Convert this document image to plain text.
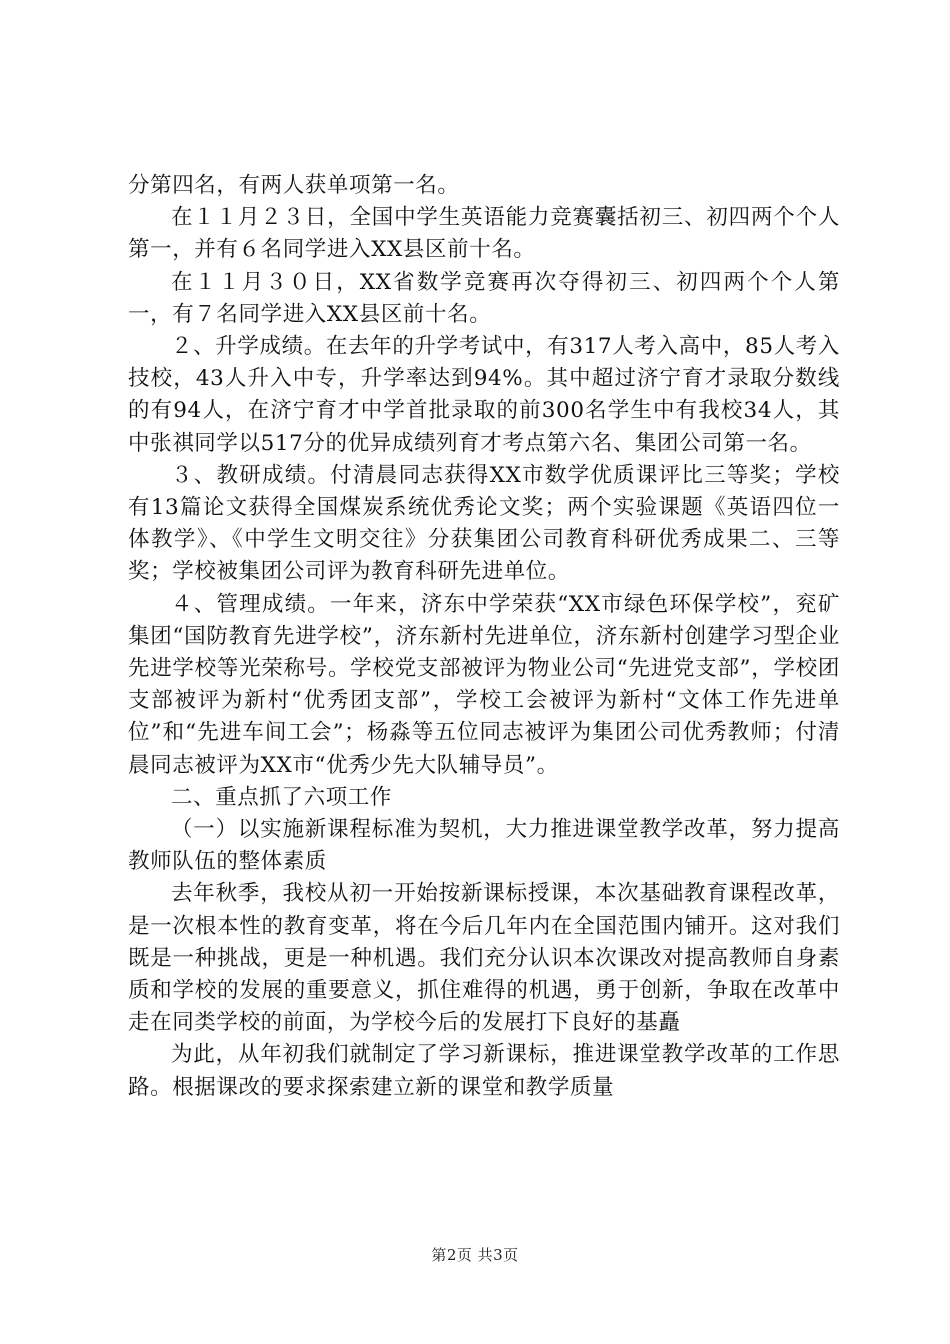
分第四名，有两人获单项第一名。

在１１月２３日，全国中学生英语能力竞赛囊括初三、初四两个个人第一，并有６名同学进入XX县区前十名。

在１１月３０日，XX省数学竞赛再次夺得初三、初四两个个人第一，有７名同学进入XX县区前十名。

２、升学成绩。在去年的升学考试中，有317人考入高中，85人考入技校，43人升入中专，升学率达到94%。其中超过济宁育才录取分数线的有94人，在济宁育才中学首批录取的前300名学生中有我校34人，其中张祺同学以517分的优异成绩列育才考点第六名、集团公司第一名。

３、教研成绩。付清晨同志获得XX市数学优质课评比三等奖；学校有13篇论文获得全国煤炭系统优秀论文奖；两个实验课题《英语四位一体教学》、《中学生文明交往》分获集团公司教育科研优秀成果二、三等奖；学校被集团公司评为教育科研先进单位。

４、管理成绩。一年来，济东中学荣获“XX市绿色环保学校”，兖矿集团“国防教育先进学校”，济东新村先进单位，济东新村创建学习型企业先进学校等光荣称号。学校党支部被评为物业公司“先进党支部”，学校团支部被评为新村“优秀团支部”，学校工会被评为新村“文体工作先进单位”和“先进车间工会”；杨淼等五位同志被评为集团公司优秀教师；付清晨同志被评为XX市“优秀少先大队辅导员”。

二、重点抓了六项工作

（一）以实施新课程标准为契机，大力推进课堂教学改革，努力提高教师队伍的整体素质

去年秋季，我校从初一开始按新课标授课，本次基础教育课程改革，是一次根本性的教育变革，将在今后几年内在全国范围内铺开。这对我们既是一种挑战，更是一种机遇。我们充分认识本次课改对提高教师自身素质和学校的发展的重要意义，抓住难得的机遇，勇于创新，争取在改革中走在同类学校的前面，为学校今后的发展打下良好的基矗

为此，从年初我们就制定了学习新课标，推进课堂教学改革的工作思路。根据课改的要求探索建立新的课堂和教学质量

第2页 共3页
